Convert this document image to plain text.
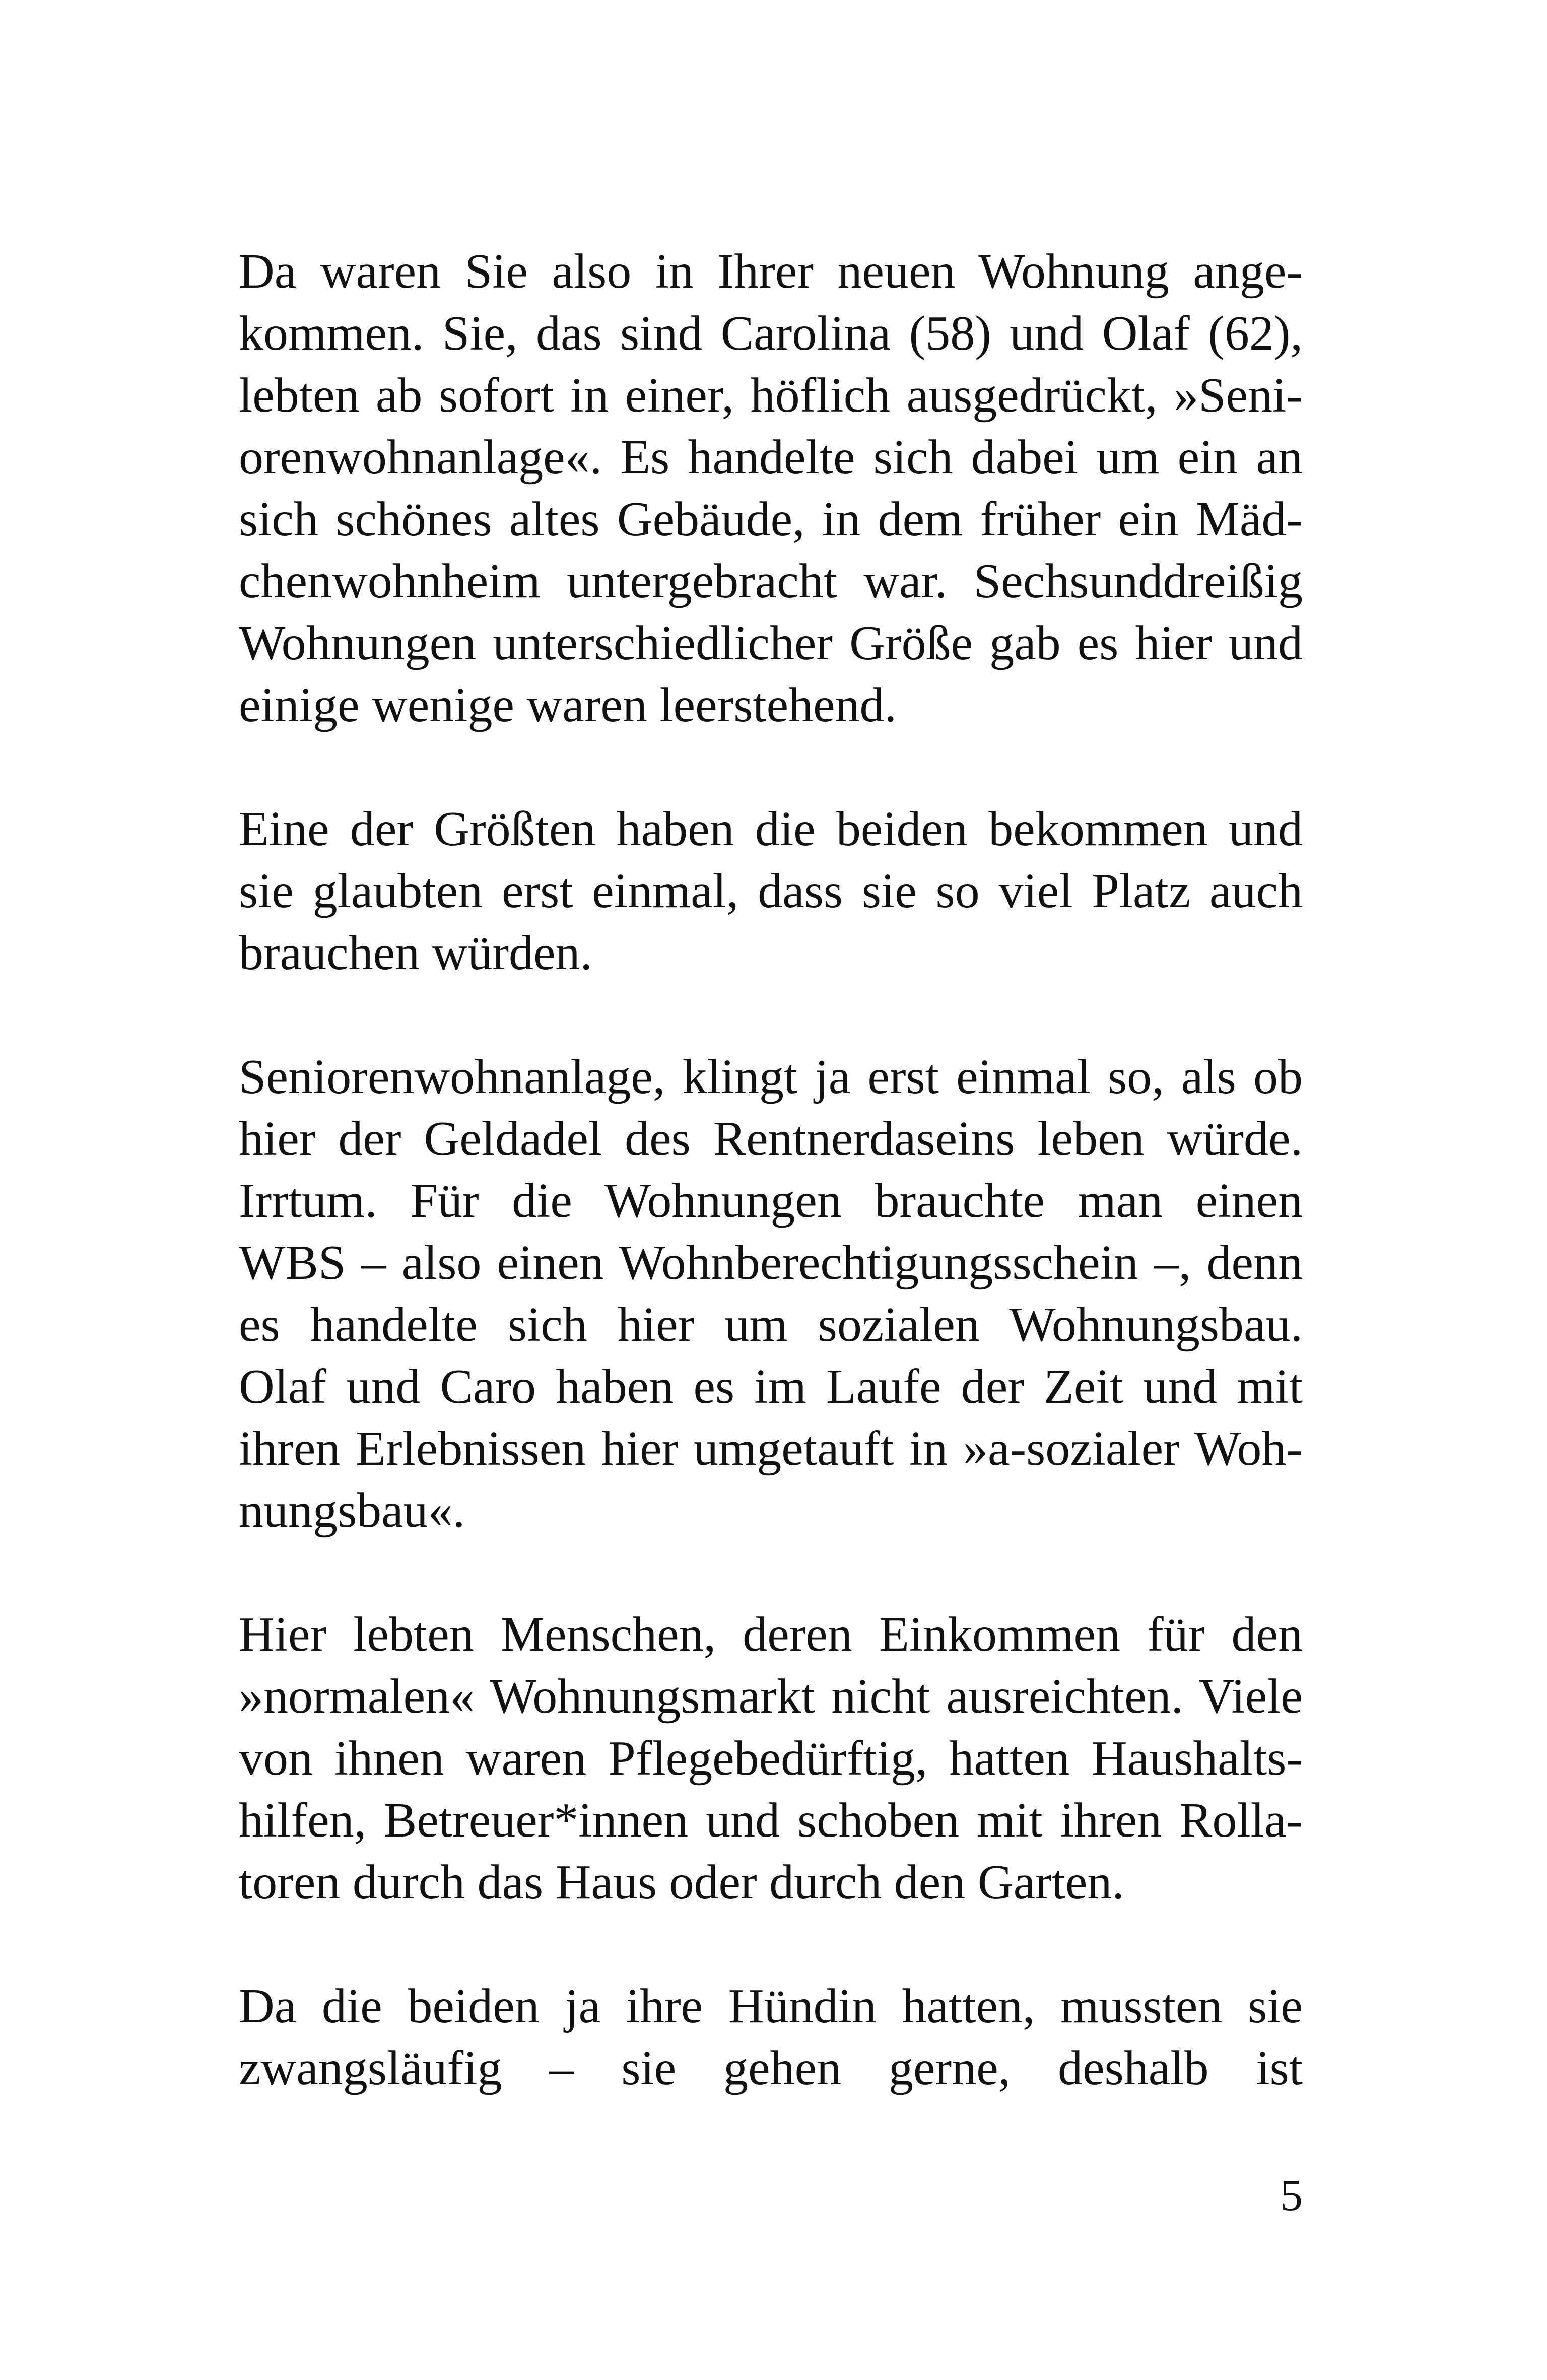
Da waren Sie also in Ihrer neuen Wohnung ange-
kommen. Sie, das sind Carolina (58) und Olaf (62),
lebten ab sofort in einer, höflich ausgedrückt, »Seni-
orenwohnanlage«. Es handelte sich dabei um ein an
sich schönes altes Gebäude, in dem früher ein Mäd-
chenwohnheim untergebracht war. Sechsunddreißig
Wohnungen unterschiedlicher Größe gab es hier und
einige wenige waren leerstehend.
Eine der Größten haben die beiden bekommen und
sie glaubten erst einmal, dass sie so viel Platz auch
brauchen würden.
Seniorenwohnanlage, klingt ja erst einmal so, als ob
hier der Geldadel des Rentnerdaseins leben würde.
Irrtum. Für die Wohnungen brauchte man einen
WBS – also einen Wohnberechtigungsschein –, denn
es handelte sich hier um sozialen Wohnungsbau.
Olaf und Caro haben es im Laufe der Zeit und mit
ihren Erlebnissen hier umgetauft in »a-sozialer Woh-
nungsbau«.
Hier lebten Menschen, deren Einkommen für den
»normalen« Wohnungsmarkt nicht ausreichten. Viele
von ihnen waren Pflegebedürftig, hatten Haushalts-
hilfen, Betreuer*innen und schoben mit ihren Rolla-
toren durch das Haus oder durch den Garten.
Da die beiden ja ihre Hündin hatten, mussten sie
zwangsläufig – sie gehen gerne, deshalb ist
5
